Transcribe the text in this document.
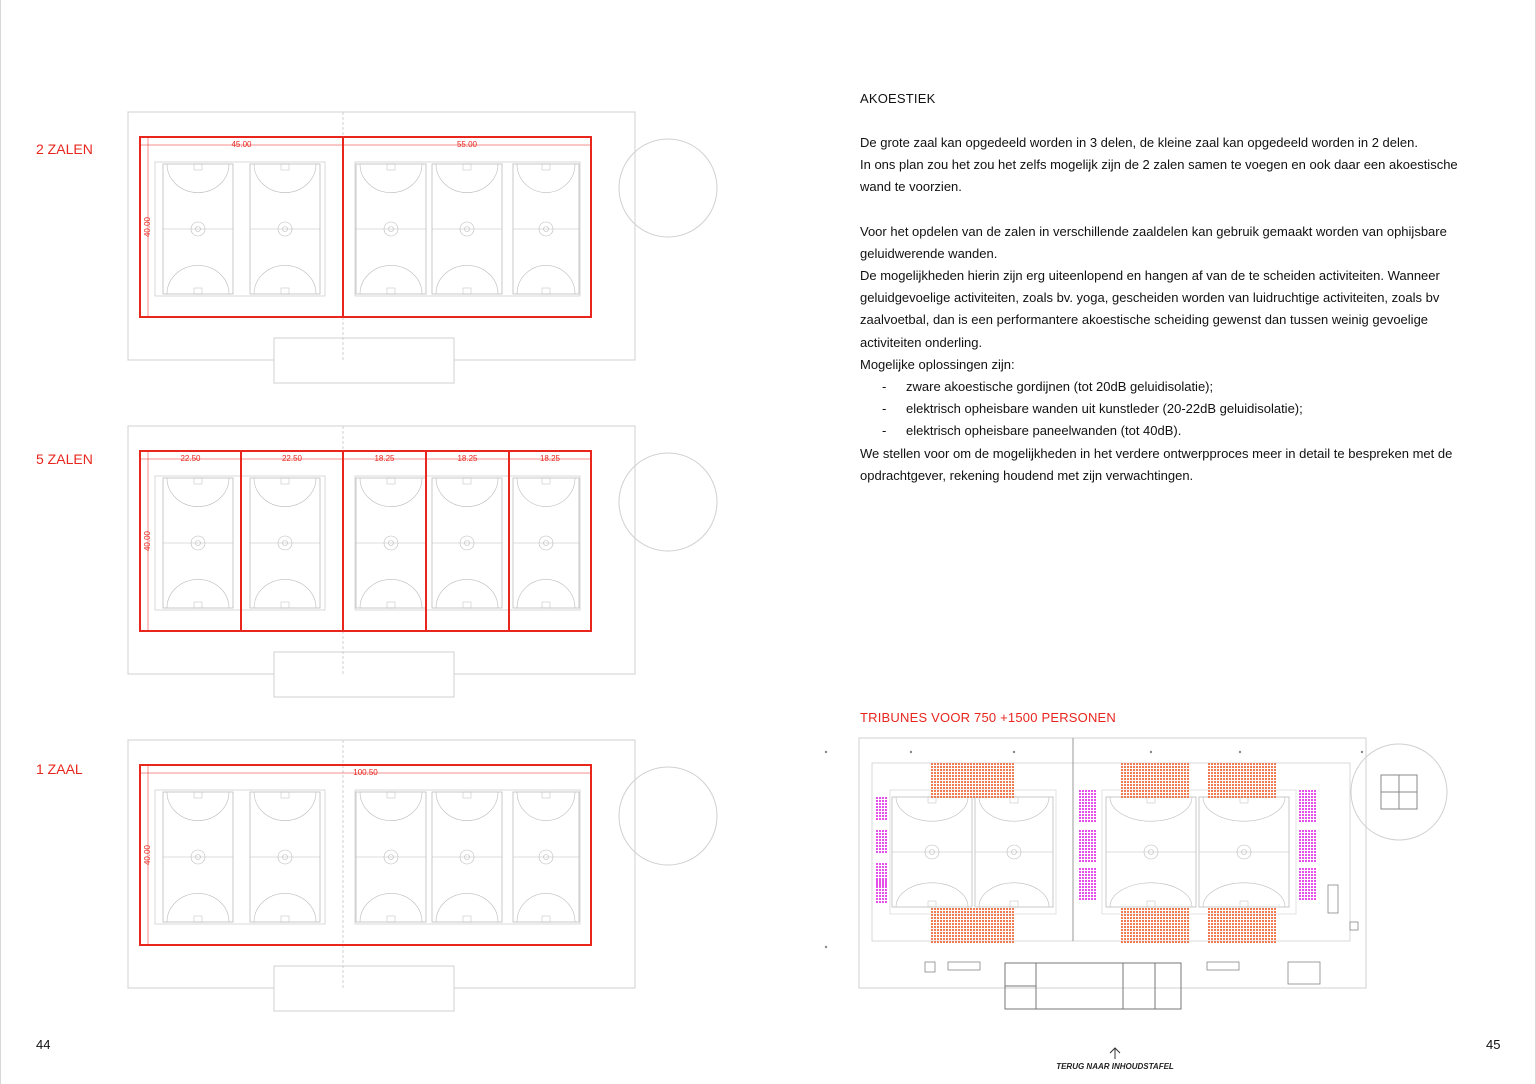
45.00	55.00
40.00
22.50	22.50	18.25	18.25	18.25
40.00
100.50
40.00
2 ZALEN
5 ZALEN
1 ZAAL
44	45
AKOESTIEK

De grote zaal kan opgedeeld worden in 3 delen, de kleine zaal kan opgedeeld worden in 2 delen.

In ons plan zou het zou het zelfs mogelijk zijn de 2 zalen samen te voegen en ook daar een akoestische wand te voorzien.

Voor het opdelen van de zalen in verschillende zaaldelen kan gebruik gemaakt worden van ophijsbare geluidwerende wanden.

De mogelijkheden hierin zijn erg uiteenlopend en hangen af van de te scheiden activiteiten. Wanneer geluidgevoelige activiteiten, zoals bv. yoga, gescheiden worden van luidruchtige activiteiten, zoals bv zaalvoetbal, dan is een performantere akoestische scheiding gewenst dan tussen weinig gevoelige activiteiten onderling.

Mogelijke oplossingen zijn:

- zware akoestische gordijnen (tot 20dB geluidisolatie);
- elektrisch opheisbare wanden uit kunstleder (20-22dB geluidisolatie);
- elektrisch opheisbare paneelwanden (tot 40dB).

We stellen voor om de mogelijkheden in het verdere ontwerpproces meer in detail te bespreken met de opdrachtgever, rekening houdend met zijn verwachtingen.

TRIBUNES VOOR 750 +1500 PERSONEN
TERUG NAAR INHOUDSTAFEL
